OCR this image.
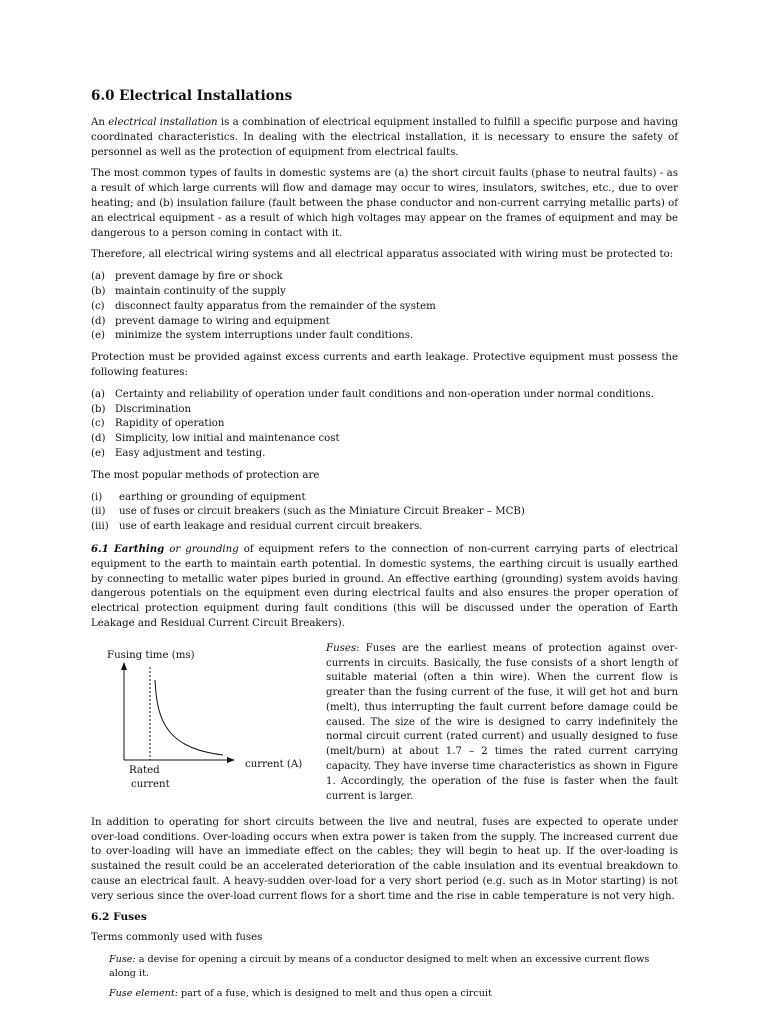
6.0 Electrical Installations

An electrical installation is a combination of electrical equipment installed to fulfill a specific purpose and having coordinated characteristics. In dealing with the electrical installation, it is necessary to ensure the safety of personnel as well as the protection of equipment from electrical faults.

The most common types of faults in domestic systems are (a) the short circuit faults (phase to neutral faults) - as a result of which large currents will flow and damage may occur to wires, insulators, switches, etc., due to over heating; and (b) insulation failure (fault between the phase conductor and non-current carrying metallic parts) of an electrical equipment - as a result of which high voltages may appear on the frames of equipment and may be dangerous to a person coming in contact with it.

Therefore, all electrical wiring systems and all electrical apparatus associated with wiring must be protected to:

(a) prevent damage by fire or shock
(b) maintain continuity of the supply
(c)	disconnect faulty apparatus from the remainder of the system
(d) prevent damage to wiring and equipment
(e) minimize the system interruptions under fault conditions.

Protection must be provided against excess currents and earth leakage. Protective equipment must possess the following features:

(a) Certainty and reliability of operation under fault conditions and non-operation under normal conditions.
(b) Discrimination
(c)	Rapidity of operation
(d) Simplicity, low initial and maintenance cost
(e) Easy adjustment and testing.

The most popular methods of protection are

(i)	earthing or grounding of equipment
(ii)	use of fuses or circuit breakers (such as the Miniature Circuit Breaker – MCB)
(iii)	use of earth leakage and residual current circuit breakers.

6.1 Earthing or grounding of equipment refers to the connection of non-current carrying parts of electrical equipment to the earth to maintain earth potential. In domestic systems, the earthing circuit is usually earthed by connecting to metallic water pipes buried in ground. An effective earthing (grounding) system avoids having dangerous potentials on the equipment even during electrical faults and also ensures the proper operation of electrical protection equipment during fault conditions (this will be discussed under the operation of Earth Leakage and Residual Current Circuit Breakers).

Fusing time (ms)
Rated current
current (A)

Fuses: Fuses are the earliest means of protection against over-currents in circuits. Basically, the fuse consists of a short length of suitable material (often a thin wire). When the current flow is greater than the fusing current of the fuse, it will get hot and burn (melt), thus interrupting the fault current before damage could be caused. The size of the wire is designed to carry indefinitely the normal circuit current (rated current) and usually designed to fuse (melt/burn) at about 1.7 – 2 times the rated current carrying capacity. They have inverse time characteristics as shown in Figure 1. Accordingly, the operation of the fuse is faster when the fault current is larger.

In addition to operating for short circuits between the live and neutral, fuses are expected to operate under over-load conditions. Over-loading occurs when extra power is taken from the supply. The increased current due to over-loading will have an immediate effect on the cables; they will begin to heat up. If the over-loading is sustained the result could be an accelerated deterioration of the cable insulation and its eventual breakdown to cause an electrical fault. A heavy-sudden over-load for a very short period (e.g. such as in Motor starting) is not very serious since the over-load current flows for a short time and the rise in cable temperature is not very high.

6.2 Fuses

Terms commonly used with fuses

Fuse: a devise for opening a circuit by means of a conductor designed to melt when an excessive current flows along it.
Fuse element: part of a fuse, which is designed to melt and thus open a circuit
